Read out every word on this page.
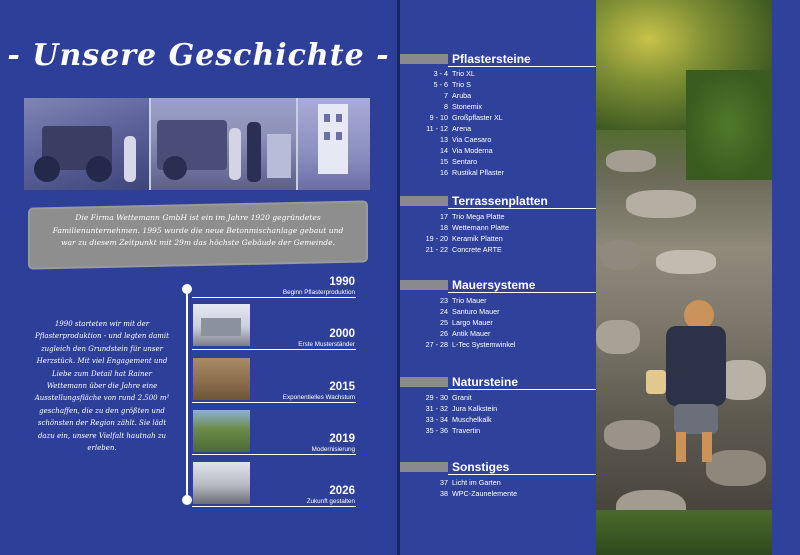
- Unsere Geschichte -
Die Firma Wettemann GmbH ist ein im Jahre 1920 gegründetes Familienunternehmen. 1995 wurde die neue Betonmischanlage gebaut und war zu diesem Zeitpunkt mit 29m das höchste Gebäude der Gemeinde.
1990 starteten wir mit der Pflasterproduktion - und legten damit zugleich den Grundstein für unser Herzstück. Mit viel Engagement und Liebe zum Detail hat Rainer Wettemann über die Jahre eine Ausstellungsfläche von rund 2.500 m² geschaffen, die zu den größten und schönsten der Region zählt. Sie lädt dazu ein, unsere Vielfalt hautnah zu erleben.
1990
Beginn Pflasterproduktion
2000
Erste Musterständer
2015
Exponentielles Wachstum
2019
Modernisierung
2026
Zukunft gestalten
Pflastersteine
3 - 4 Trio XL
5 - 6 Trio S
7 Aruba
8 Stonemix
9 - 10 Großpflaster XL
11 - 12 Arena
13 Via Caesaro
14 Via Moderna
15 Sentaro
16 Rustikal Pflaster
Terrassenplatten
17 Trio Mega Platte
18 Wettemann Platte
19 - 20 Keramik Platten
21 - 22 Concrete ARTE
Mauersysteme
23 Trio Mauer
24 Santuro Mauer
25 Largo Mauer
26 Antik Mauer
27 - 28 L-Tec Systemwinkel
Natursteine
29 - 30 Granit
31 - 32 Jura Kalkstein
33 - 34 Muschelkalk
35 - 36 Travertin
Sonstiges
37 Licht im Garten
38 WPC-Zaunelemente
